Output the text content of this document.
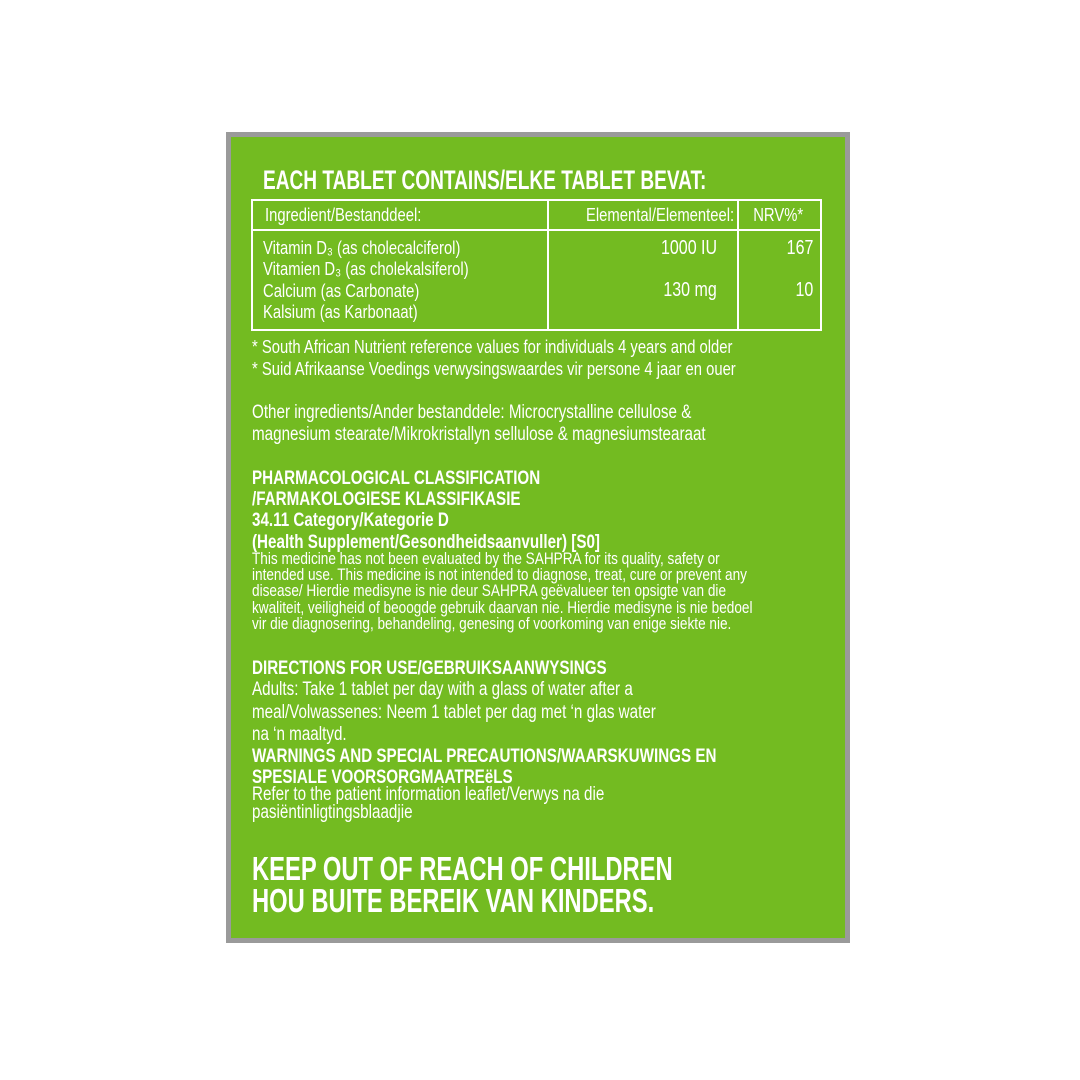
EACH TABLET CONTAINS/ELKE TABLET BEVAT:
Ingredient/Bestanddeel:	Elemental/Elementeel:	NRV%*
Vitamin D₃ (as cholecalciferol)
Vitamien D₃ (as cholekalsiferol)
Calcium (as Carbonate)
Kalsium (as Karbonaat)
1000 IU
130 mg
167
10
* South African Nutrient reference values for individuals 4 years and older
* Suid Afrikaanse Voedings verwysingswaardes vir persone 4 jaar en ouer
Other ingredients/Ander bestanddele: Microcrystalline cellulose &
magnesium stearate/Mikrokristallyn sellulose & magnesiumstearaat
PHARMACOLOGICAL CLASSIFICATION
/FARMAKOLOGIESE KLASSIFIKASIE
34.11 Category/Kategorie D
(Health Supplement/Gesondheidsaanvuller) [S0]
This medicine has not been evaluated by the SAHPRA for its quality, safety or
intended use. This medicine is not intended to diagnose, treat, cure or prevent any
disease/ Hierdie medisyne is nie deur SAHPRA geëvalueer ten opsigte van die
kwaliteit, veiligheid of beoogde gebruik daarvan nie. Hierdie medisyne is nie bedoel
vir die diagnosering, behandeling, genesing of voorkoming van enige siekte nie.
DIRECTIONS FOR USE/GEBRUIKSAANWYSINGS
Adults: Take 1 tablet per day with a glass of water after a
meal/Volwassenes: Neem 1 tablet per dag met ‘n glas water
na ‘n maaltyd.
WARNINGS AND SPECIAL PRECAUTIONS/WAARSKUWINGS EN
SPESIALE VOORSORGMAATREëLS
Refer to the patient information leaflet/Verwys na die
pasiëntinligtingsblaadjie
KEEP OUT OF REACH OF CHILDREN
HOU BUITE BEREIK VAN KINDERS.
